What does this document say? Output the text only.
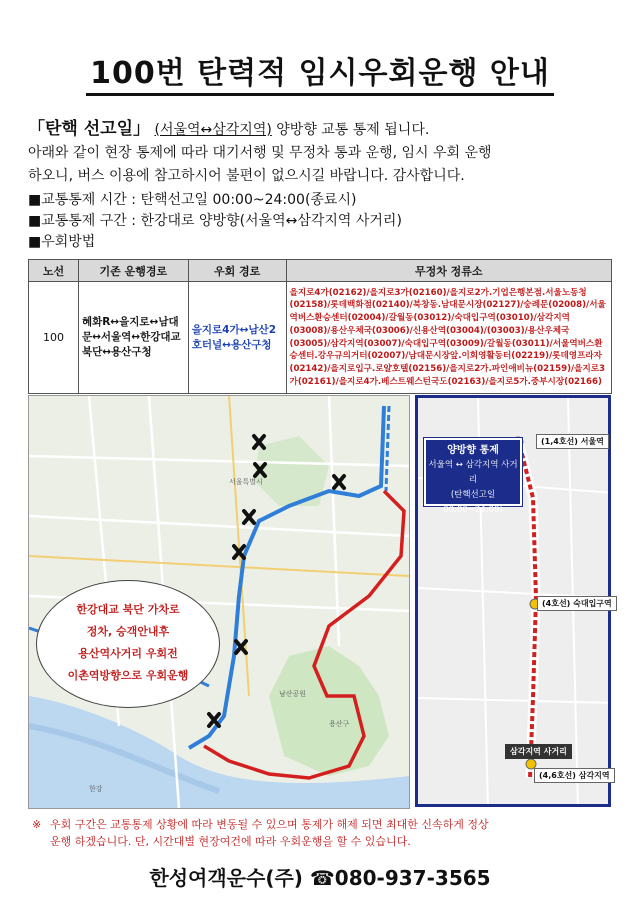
100번 탄력적 임시우회운행 안내
「탄핵 선고일」 (서울역↔삼각지역) 양방향 교통 통제 됩니다.
아래와 같이 현장 통제에 따라 대기서행 및 무정차 통과 운행, 임시 우회 운행
하오니, 버스 이용에 참고하시어 불편이 없으시길 바랍니다. 감사합니다.
■교통통제 시간 : 탄핵선고일 00:00~24:00(종료시)
■교통통제 구간 : 한강대로 양방향(서울역↔삼각지역 사거리)
■우회방법
노선	기존 운행경로	우회 경로	무정차 정류소
100	혜화R↔을지로↔남대문↔서울역↔한강대교북단↔용산구청	을지로4가↔남산2호터널↔용산구청	을지로4가(02162)/을지로3가(02160)/을지로2가.기업은행본점.서울노동청(02158)/롯데백화점(02140)/북창동.남대문시장(02127)/숭례문(02008)/서울역버스환승센터(02004)/갈월동(03012)/숙대입구역(03010)/삼각지역(03008)/용산우체국(03006)/신용산역(03004)/(03003)/용산우체국(03005)/삼각지역(03007)/숙대입구역(03009)/갈월동(03011)/서울역버스환승센터.강우규의거터(02007)/남대문시장앞.이회영활동터(02219)/롯데영프라자(02142)/을지로입구.로얄호텔(02156)/을지로2가.파인애비뉴(02159)/을지로3가(02161)/을지로4가.베스트웨스턴국도(02163)/을지로5가.중부시장(02166)
서울특별시
남산공원
용산구
한강
한강대교 북단 가차로
정차, 승객안내후
용산역사거리 우회전
이촌역방향으로 우회운행
양방향 통제
서울역 ↔ 삼각지역 사거리
(탄핵선고일 00:00~24:00)
(1,4호선) 서울역
(4호선) 숙대입구역
삼각지역 사거리
(4,6호선) 삼각지역
※ 우회 구간은 교통통제 상황에 따라 변동될 수 있으며 통제가 해제 되면 최대한 신속하게 정상
운행 하겠습니다. 단, 시간대별 현장여건에 따라 우회운행을 할 수 있습니다.
한성여객운수(주) ☎080-937-3565
